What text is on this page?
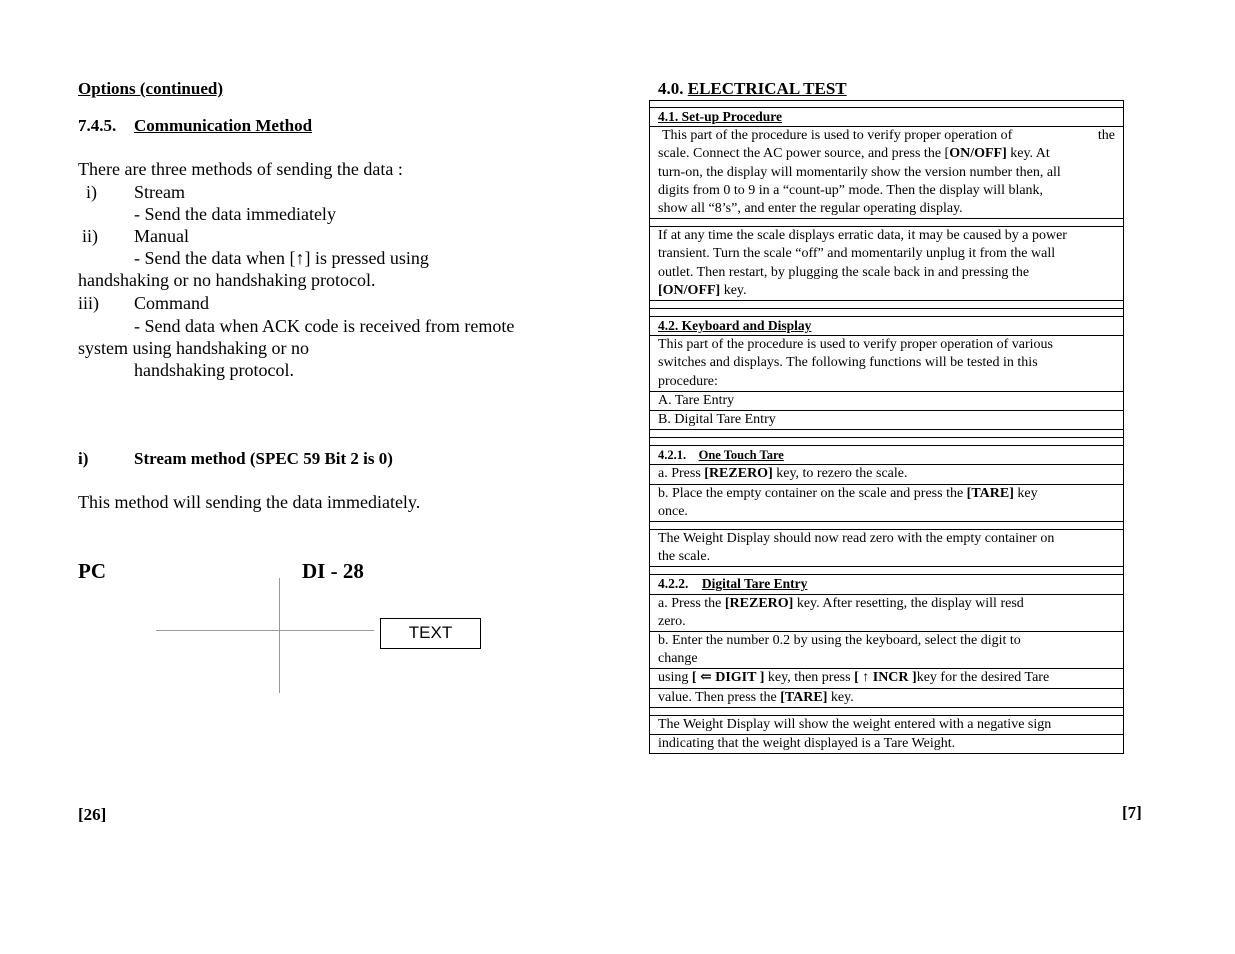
Options (continued)
7.4.5. Communication Method
There are three methods of sending the data :
i) Stream
- Send the data immediately
ii) Manual
- Send the data when [↑] is pressed using
handshaking or no handshaking protocol.
iii) Command
- Send data when ACK code is received from remote
system using handshaking or no
handshaking protocol.
i)	Stream method (SPEC 59 Bit 2 is 0)
This method will sending the data immediately.
PC	DI - 28
TEXT
[26]
4.0. ELECTRICAL TEST
4.1. Set-up Procedure
This part of the procedure is used to verify proper operation of	the
scale. Connect the AC power source, and press the [ON/OFF] key. At
turn-on, the display will momentarily show the version number then, all
digits from 0 to 9 in a “count-up” mode. Then the display will blank,
show all “8’s”, and enter the regular operating display.
If at any time the scale displays erratic data, it may be caused by a power
transient. Turn the scale “off” and momentarily unplug it from the wall
outlet. Then restart, by plugging the scale back in and pressing the
[ON/OFF] key.
4.2. Keyboard and Display
This part of the procedure is used to verify proper operation of various
switches and displays. The following functions will be tested in this
procedure:
A. Tare Entry
B. Digital Tare Entry
4.2.1. One Touch Tare
a. Press [REZERO] key, to rezero the scale.
b. Place the empty container on the scale and press the [TARE] key
once.
The Weight Display should now read zero with the empty container on
the scale.
4.2.2. Digital Tare Entry
a. Press the [REZERO] key. After resetting, the display will resd
zero.
b. Enter the number 0.2 by using the keyboard, select the digit to
change
using [ ⇐ DIGIT ] key, then press [ ↑ INCR ]key for the desired Tare
value. Then press the [TARE] key.
The Weight Display will show the weight entered with a negative sign
indicating that the weight displayed is a Tare Weight.
[7]
